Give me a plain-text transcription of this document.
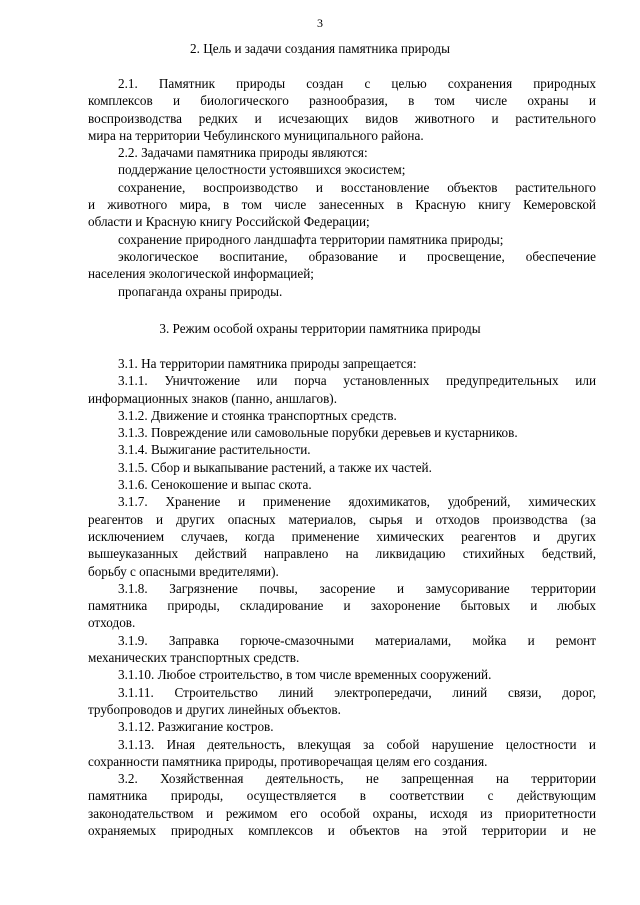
3
2. Цель и задачи создания памятника природы

2.1. Памятник природы создан с целью сохранения природных

комплексов и биологического разнообразия, в том числе охраны и

воспроизводства редких и исчезающих видов животного и растительного

мира на территории Чебулинского муниципального района.

2.2. Задачами памятника природы являются:

поддержание целостности устоявшихся экосистем;

сохранение, воспроизводство и восстановление объектов растительного

и животного мира, в том числе занесенных в Красную книгу Кемеровской

области и Красную книгу Российской Федерации;

сохранение природного ландшафта территории памятника природы;

экологическое воспитание, образование и просвещение, обеспечение

населения экологической информацией;

пропаганда охраны природы.

3. Режим особой охраны территории памятника природы

3.1. На территории памятника природы запрещается:

3.1.1. Уничтожение или порча установленных предупредительных или

информационных знаков (панно, аншлагов).

3.1.2. Движение и стоянка транспортных средств.

3.1.3. Повреждение или самовольные порубки деревьев и кустарников.

3.1.4. Выжигание растительности.

3.1.5. Сбор и выкапывание растений, а также их частей.

3.1.6. Сенокошение и выпас скота.

3.1.7. Хранение и применение ядохимикатов, удобрений, химических

реагентов и других опасных материалов, сырья и отходов производства (за

исключением случаев, когда применение химических реагентов и других

вышеуказанных действий направлено на ликвидацию стихийных бедствий,

борьбу с опасными вредителями).

3.1.8. Загрязнение почвы, засорение и замусоривание территории

памятника природы, складирование и захоронение бытовых и любых

отходов.

3.1.9. Заправка горюче-смазочными материалами, мойка и ремонт

механических транспортных средств.

3.1.10. Любое строительство, в том числе временных сооружений.

3.1.11. Строительство линий электропередачи, линий связи, дорог,

трубопроводов и других линейных объектов.

3.1.12. Разжигание костров.

3.1.13. Иная деятельность, влекущая за собой нарушение целостности и

сохранности памятника природы, противоречащая целям его создания.

3.2. Хозяйственная деятельность, не запрещенная на территории

памятника природы, осуществляется в соответствии с действующим

законодательством и режимом его особой охраны, исходя из приоритетности

охраняемых природных комплексов и объектов на этой территории и не
